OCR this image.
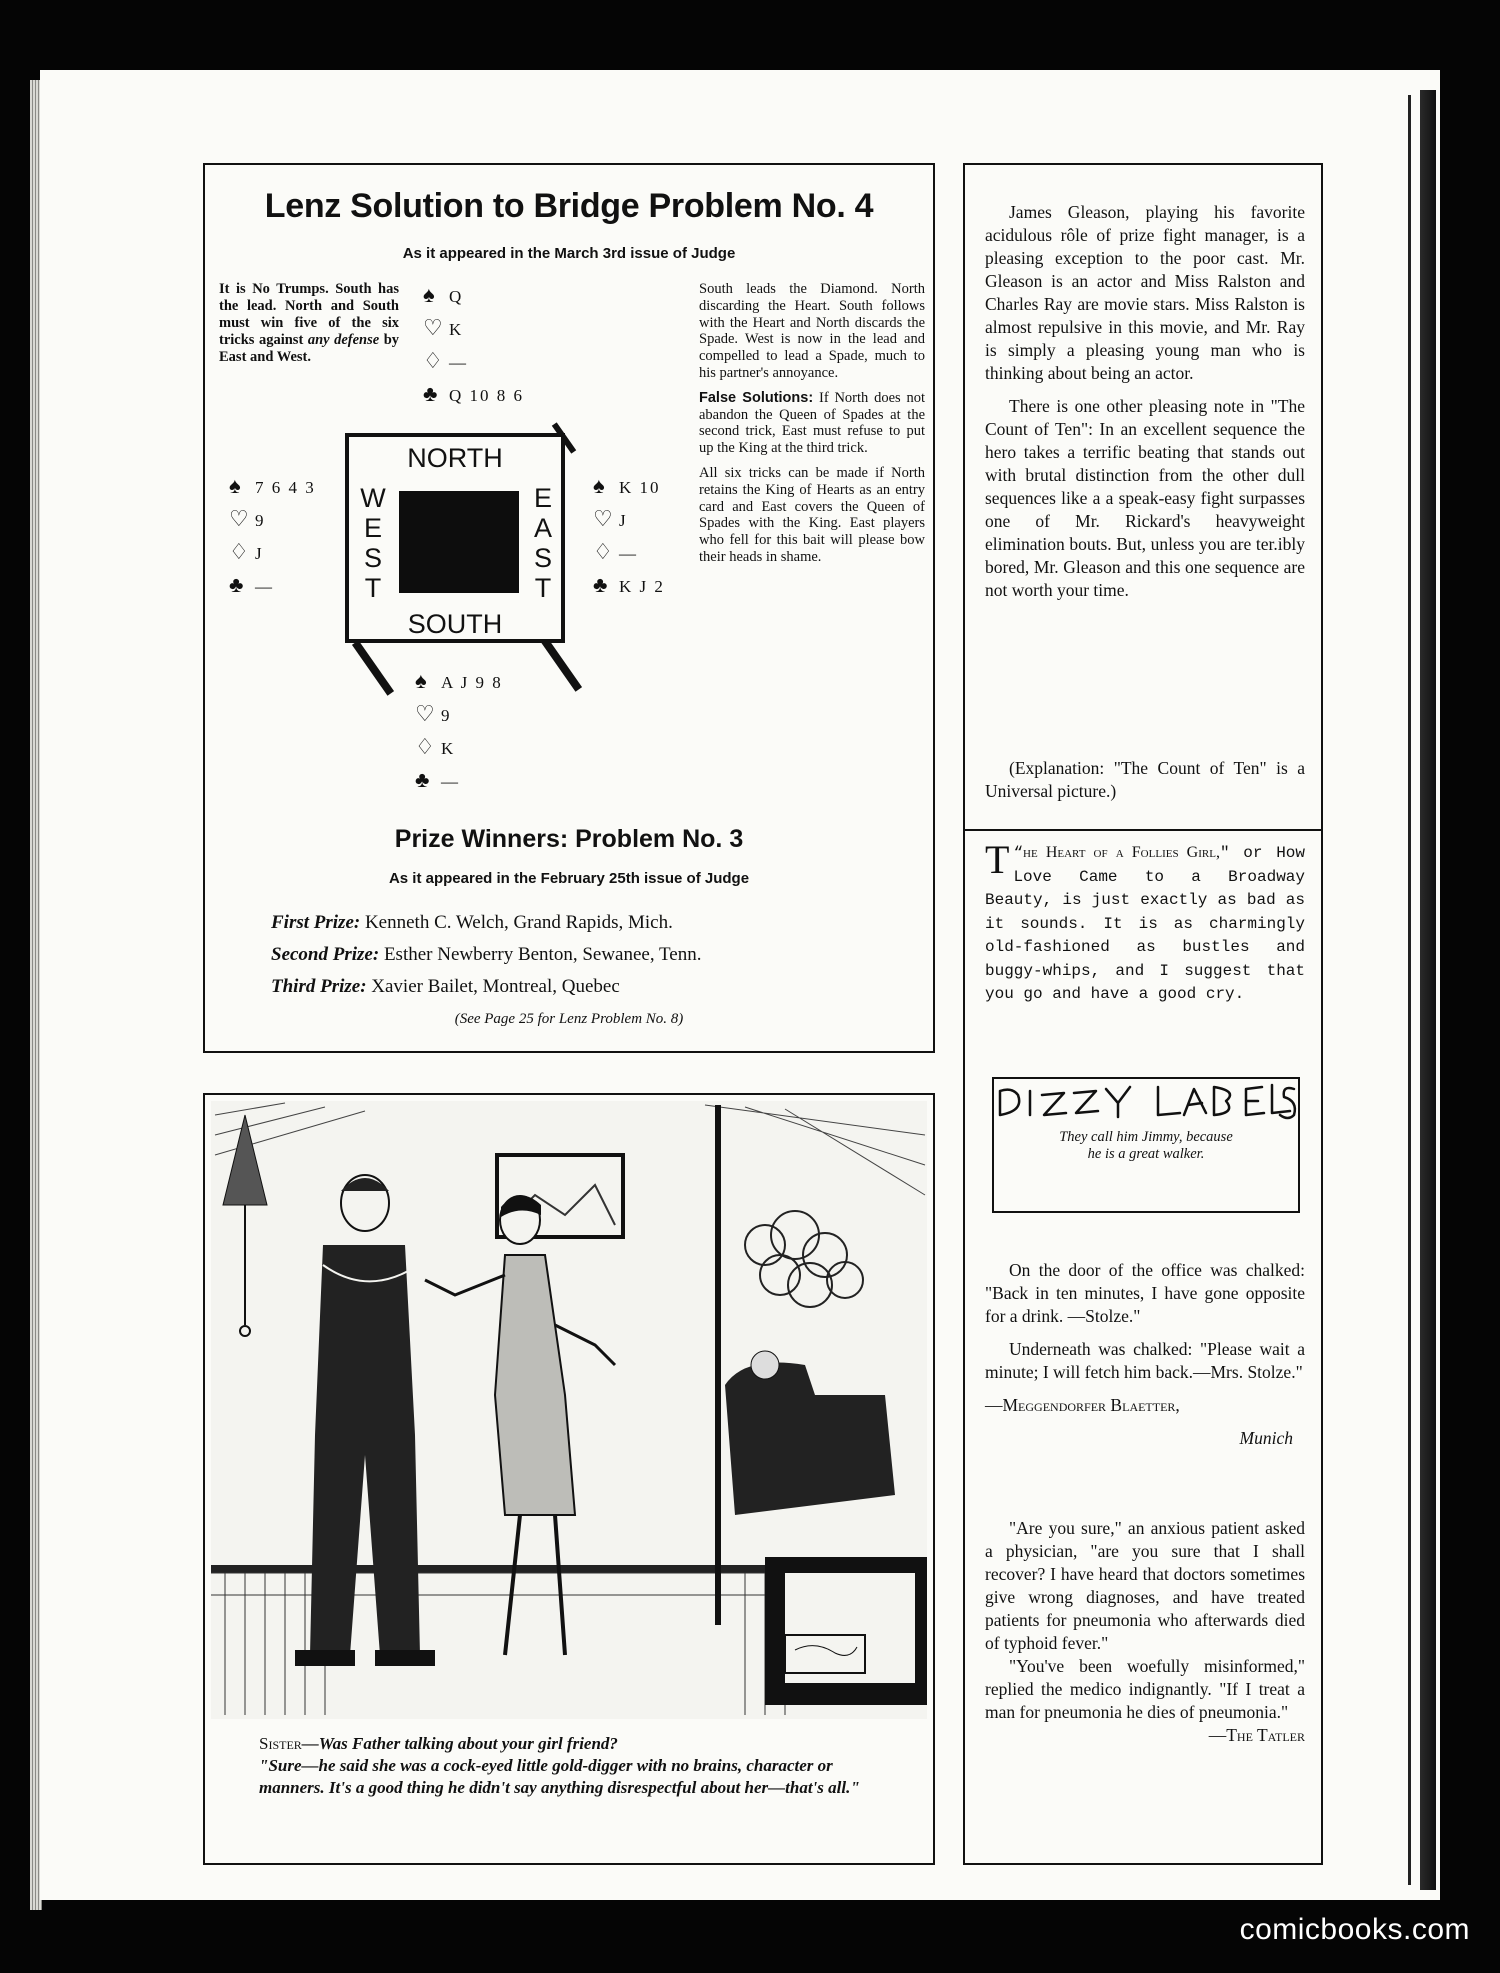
Lenz Solution to Bridge Problem No. 4
As it appeared in the March 3rd issue of Judge
It is No Trumps. South has the lead. North and South must win five of the six tricks against any defense by East and West.
♠ Q
♡ K
♢ —
♣ Q 10 8 6
♠ 7 6 4 3
♡ 9
♢ J
♣ —
♠ K 10
♡ J
♢ —
♣ K J 2
NORTH
SOUTH
W
E
S
T
E
A
S
T
♠ A J 9 8
♡ 9
♢ K
♣ —

South leads the Diamond. North discarding the Heart. South follows with the Heart and North discards the Spade. West is now in the lead and compelled to lead a Spade, much to his partner's annoyance.

False Solutions: If North does not abandon the Queen of Spades at the second trick, East must refuse to put up the King at the third trick.

All six tricks can be made if North retains the King of Hearts as an entry card and East covers the Queen of Spades with the King. East players who fell for this bait will please bow their heads in shame.

Prize Winners: Problem No. 3
As it appeared in the February 25th issue of Judge
First Prize: Kenneth C. Welch, Grand Rapids, Mich.
Second Prize: Esther Newberry Benton, Sewanee, Tenn.
Third Prize: Xavier Bailet, Montreal, Quebec
(See Page 25 for Lenz Problem No. 8)
Sister—Was Father talking about your girl friend?
"Sure—he said she was a cock-eyed little gold-digger with no brains, character or manners. It's a good thing he didn't say anything disrespectful about her—that's all."

James Gleason, playing his favorite acidulous rôle of prize fight manager, is a pleasing exception to the poor cast. Mr. Gleason is an actor and Miss Ralston and Charles Ray are movie stars. Miss Ralston is almost repulsive in this movie, and Mr. Ray is simply a pleasing young man who is thinking about being an actor.

There is one other pleasing note in "The Count of Ten": In an excellent sequence the hero takes a terrific beating that stands out with brutal distinction from the other dull sequences like a a speak-easy fight surpasses one of Mr. Rickard's heavyweight elimination bouts. But, unless you are ter.ibly bored, Mr. Gleason and this one sequence are not worth your time.

(Explanation: "The Count of Ten" is a Universal picture.)

“
T he Heart of a Follies Girl," or How Love Came to a Broadway Beauty, is just exactly as bad as it sounds. It is as charmingly old-fashioned as bustles and buggy-whips, and I suggest that you go and have a good cry.

They call him Jimmy, because
he is a great walker.

On the door of the office was chalked: "Back in ten minutes, I have gone opposite for a drink. —Stolze."

Underneath was chalked: "Please wait a minute; I will fetch him back.—Mrs. Stolze."

—Meggendorfer Blaetter,

Munich

"Are you sure," an anxious patient asked a physician, "are you sure that I shall recover? I have heard that doctors sometimes give wrong diagnoses, and have treated patients for pneumonia who afterwards died of typhoid fever."

"You've been woefully misinformed," replied the medico indignantly. "If I treat a man for pneumonia he dies of pneumonia."

—The Tatler

comicbooks.com
